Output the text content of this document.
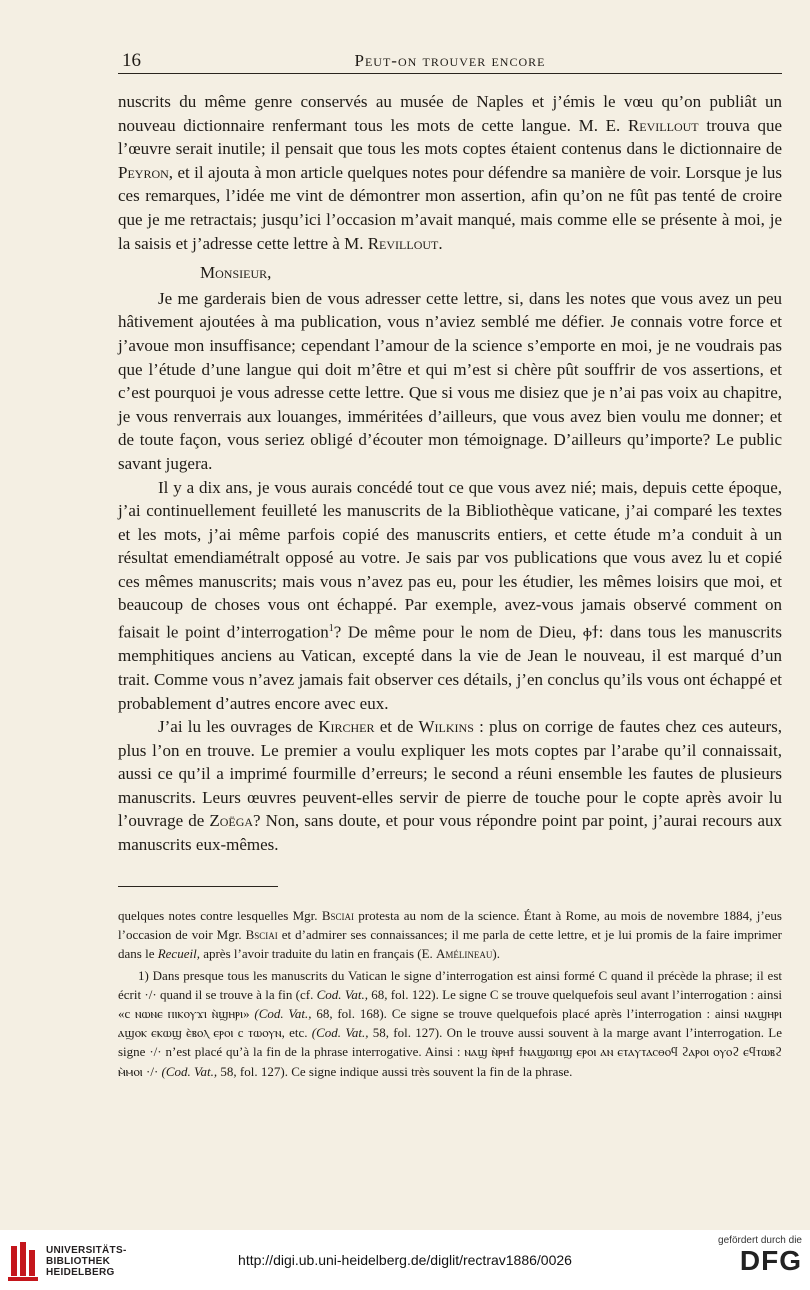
16	Peut-on trouver encore

nuscrits du même genre conservés au musée de Naples et j’émis le vœu qu’on publiât un nouveau dictionnaire renfermant tous les mots de cette langue. M. E. Revillout trouva que l’œuvre serait inutile; il pensait que tous les mots coptes étaient contenus dans le dictionnaire de Peyron, et il ajouta à mon article quelques notes pour défendre sa manière de voir. Lorsque je lus ces remarques, l’idée me vint de démontrer mon assertion, afin qu’on ne fût pas tenté de croire que je me retractais; jusqu’ici l’occasion m’avait manqué, mais comme elle se présente à moi, je la saisis et j’adresse cette lettre à M. Revillout.

Monsieur,

Je me garderais bien de vous adresser cette lettre, si, dans les notes que vous avez un peu hâtivement ajoutées à ma publication, vous n’aviez semblé me défier. Je connais votre force et j’avoue mon insuffisance; cependant l’amour de la science s’emporte en moi, je ne voudrais pas que l’étude d’une langue qui doit m’être et qui m’est si chère pût souffrir de vos assertions, et c’est pourquoi je vous adresse cette lettre. Que si vous me disiez que je n’ai pas voix au chapitre, je vous renverrais aux louanges, imméritées d’ailleurs, que vous avez bien voulu me donner; et de toute façon, vous seriez obligé d’écouter mon témoignage. D’ailleurs qu’importe? Le public savant jugera.

Il y a dix ans, je vous aurais concédé tout ce que vous avez nié; mais, depuis cette époque, j’ai continuellement feuilleté les manuscrits de la Bibliothèque vaticane, j’ai comparé les textes et les mots, j’ai même parfois copié des manuscrits entiers, et cette étude m’a conduit à un résultat emendiamétralt opposé au votre. Je sais par vos publications que vous avez lu et copié ces mêmes manuscrits; mais vous n’avez pas eu, pour les étudier, les mêmes loisirs que moi, et beaucoup de choses vous ont échappé. Par exemple, avez-vous jamais observé comment on faisait le point d’interrogation$^1$? De même pour le nom de Dieu, ⲫϯ: dans tous les manuscrits memphitiques anciens au Vatican, excepté dans la vie de Jean le nouveau, il est marqué d’un trait. Comme vous n’avez jamais fait observer ces détails, j’en conclus qu’ils vous ont échappé et probablement d’autres encore avec eux.

J’ai lu les ouvrages de Kircher et de Wilkins : plus on corrige de fautes chez ces auteurs, plus l’on en trouve. Le premier a voulu expliquer les mots coptes par l’arabe qu’il connaissait, aussi ce qu’il a imprimé fourmille d’erreurs; le second a réuni ensemble les fautes de plusieurs manuscrits. Leurs œuvres peuvent-elles servir de pierre de touche pour le copte après avoir lu l’ouvrage de Zoëga? Non, sans doute, et pour vous répondre point par point, j’aurai recours aux manuscrits eux-mêmes.

quelques notes contre lesquelles Mgr. Bsciai protesta au nom de la science. Étant à Rome, au mois de novembre 1884, j’eus l’occasion de voir Mgr. Bsciai et d’admirer ses connaissances; il me parla de cette lettre, et je lui promis de la faire imprimer dans le Recueil, après l’avoir traduite du latin en français (E. Amélineau).

1) Dans presque tous les manuscrits du Vatican le signe d’interrogation est ainsi formé C quand il précède la phrase; il est écrit ·/· quand il se trouve à la fin (cf. Cod. Vat., 68, fol. 122). Le signe C se trouve quelquefois seul avant l’interrogation : ainsi «c ⲛⲱⲛⲉ ⲡⲓⲕⲟⲩϫⲓ ⲛ̀ϣⲏⲣⲓ» (Cod. Vat., 68, fol. 168). Ce signe se trouve quelquefois placé après l’interrogation : ainsi ⲛⲁϣⲏⲣⲓ ⲁϣⲟⲕ ⲉⲕⲱϣ ⲉ̀ⲃⲟⲗ ⲉⲣⲟⲓ c ⲧⲱⲟⲩⲛ, etc. (Cod. Vat., 58, fol. 127). On le trouve aussi souvent à la marge avant l’interrogation. Le signe ·/· n’est placé qu’à la fin de la phrase interrogative. Ainsi : ⲛⲁϣ ⲛ̀ⲣⲏϯ ϯⲛⲁϣⲱⲡϣ ⲉⲣⲟⲓ ⲁⲛ ⲉⲧⲁⲩⲧⲁⲥⲑⲟϥ ϩⲁⲣⲟⲓ ⲟⲩⲟϩ ⲉϥⲧⲱⲃϩ ⲙ̀ⲙⲟⲓ ·/· (Cod. Vat., 58, fol. 127). Ce signe indique aussi très souvent la fin de la phrase.

UNIVERSITÄTS-
BIBLIOTHEK
HEIDELBERG
http://digi.ub.uni-heidelberg.de/diglit/rectrav1886/0026
gefördert durch die
DFG
